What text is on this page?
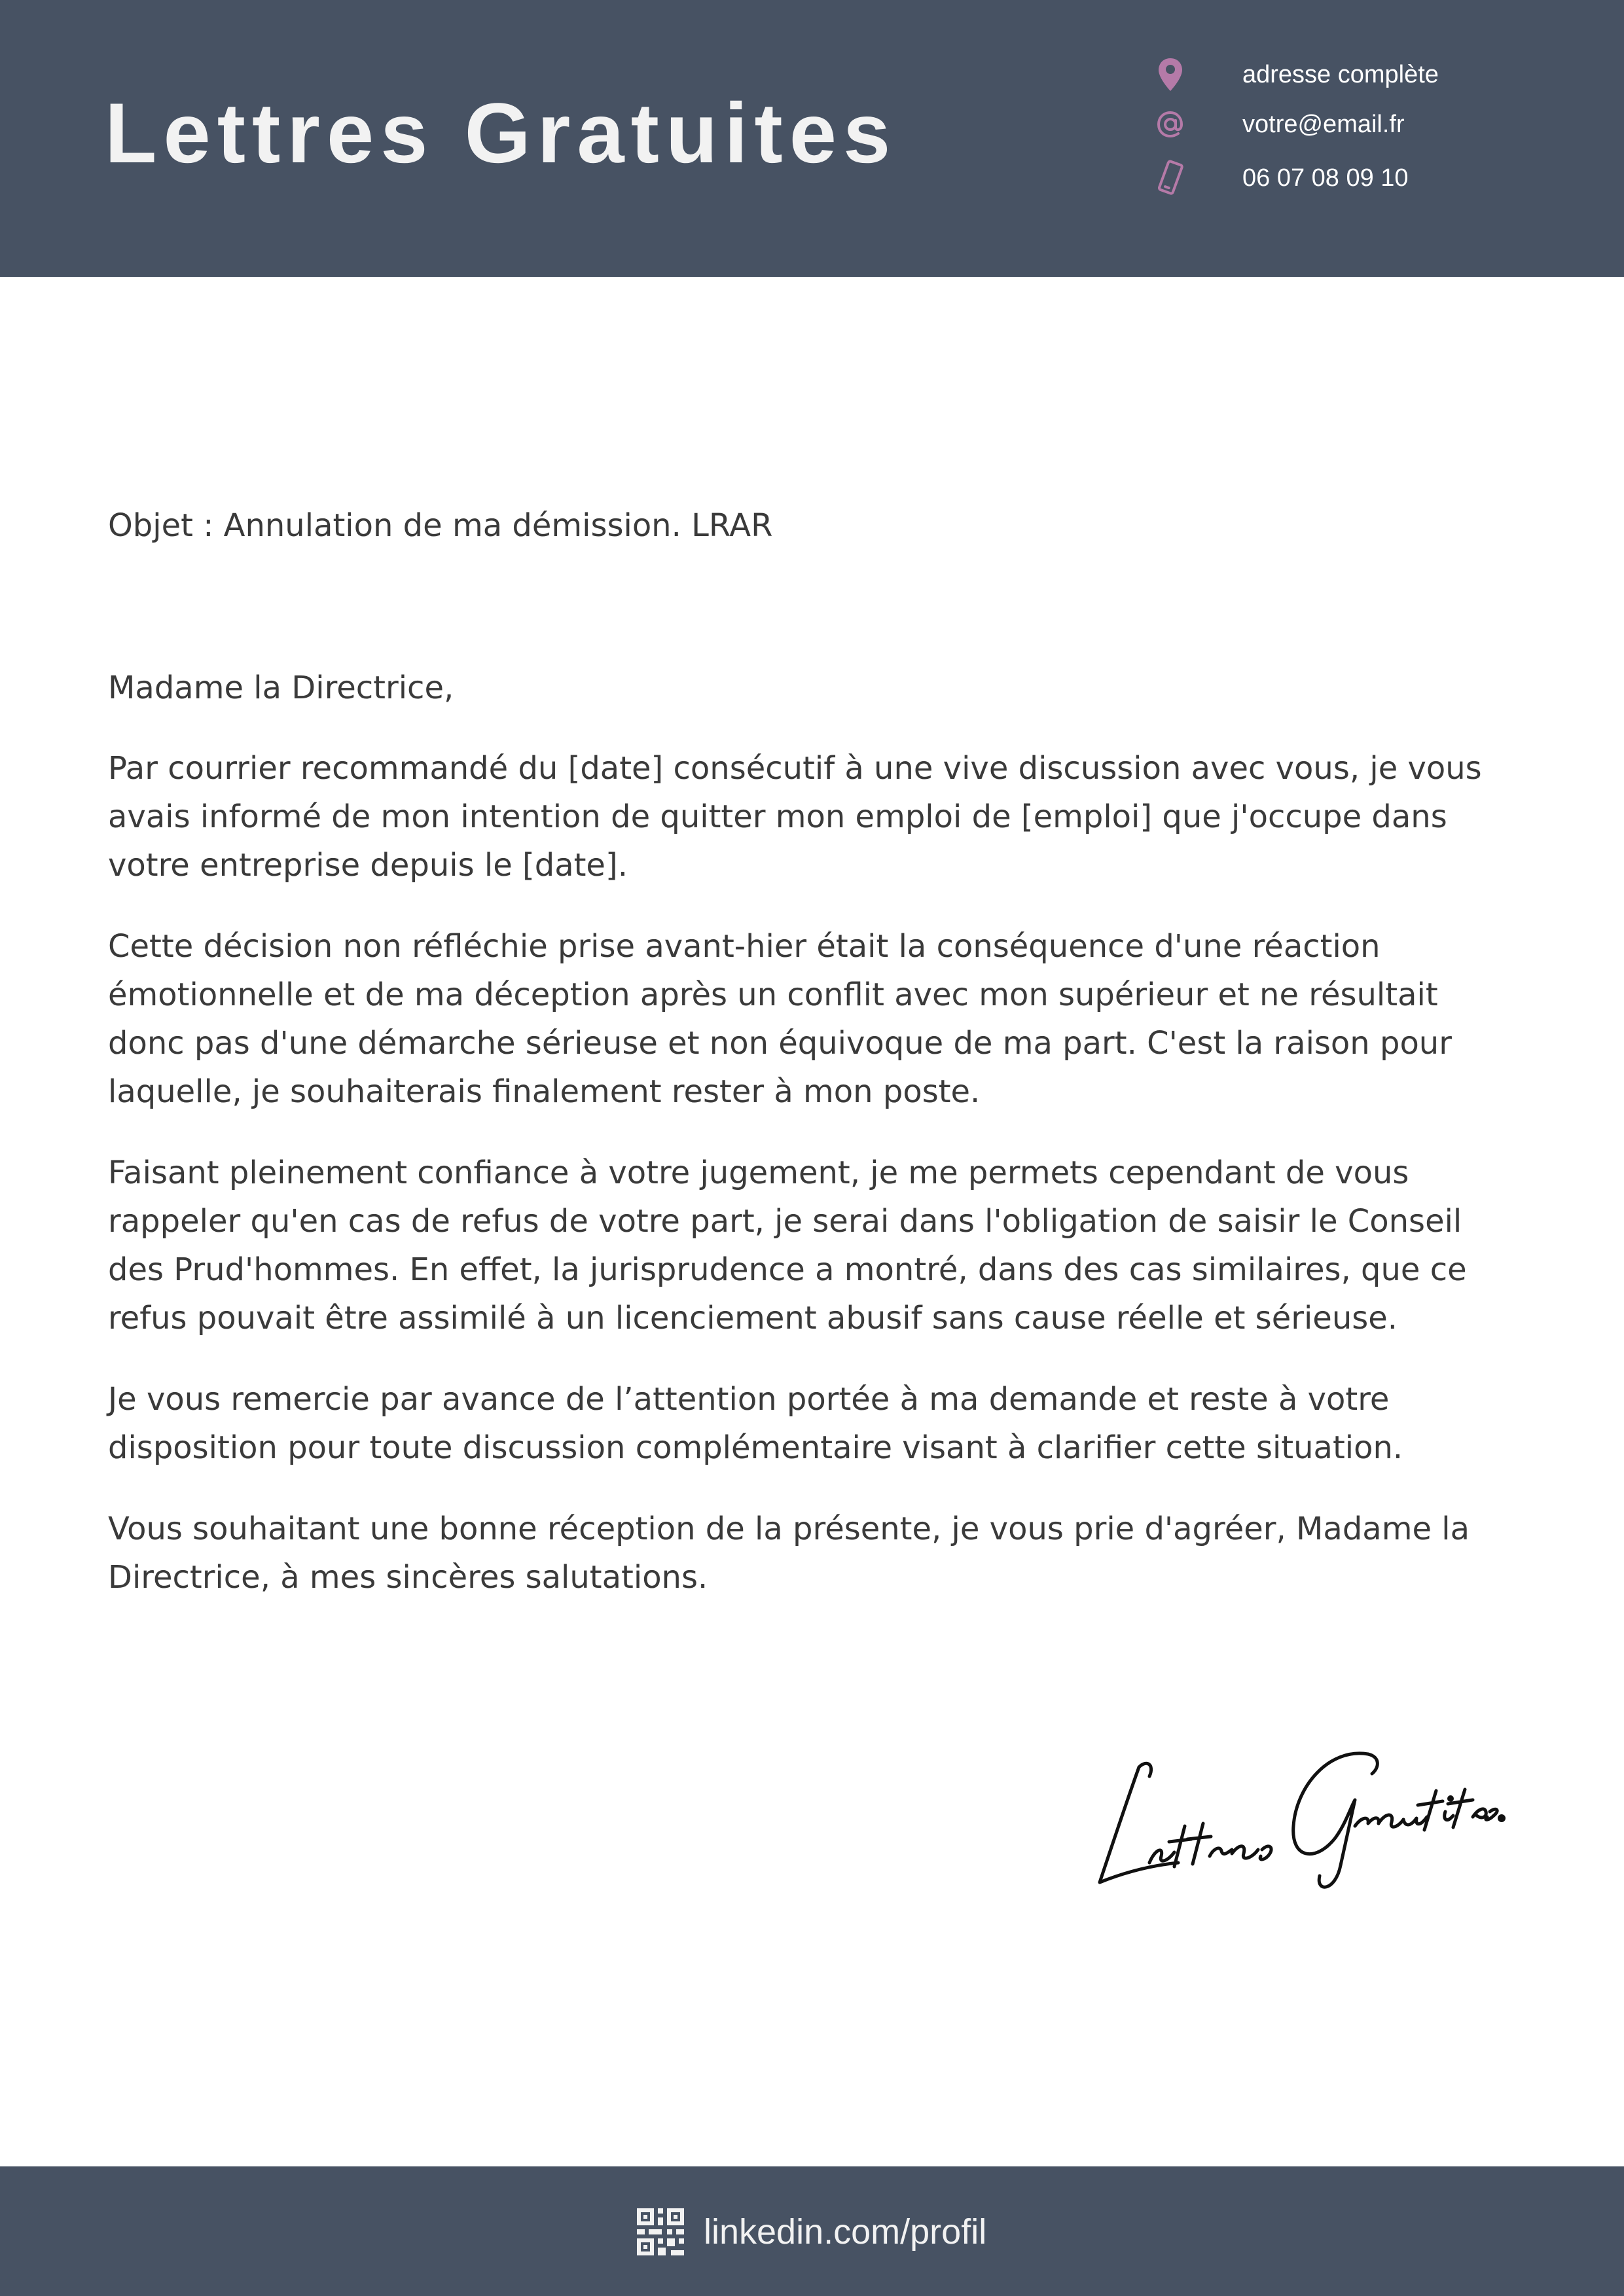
Lettres Gratuites
adresse complète
votre@email.fr
06 07 08 09 10
Objet : Annulation de ma démission. LRAR
Madame la Directrice,

Par courrier recommandé du [date] consécutif à une vive discussion avec vous, je vous avais informé de mon intention de quitter mon emploi de [emploi] que j'occupe dans votre entreprise depuis le [date].

Cette décision non réfléchie prise avant-hier était la conséquence d'une réaction émotionnelle et de ma déception après un conflit avec mon supérieur et ne résultait donc pas d'une démarche sérieuse et non équivoque de ma part. C'est la raison pour laquelle, je souhaiterais finalement rester à mon poste.

Faisant pleinement confiance à votre jugement, je me permets cependant de vous rappeler qu'en cas de refus de votre part, je serai dans l'obligation de saisir le Conseil des Prud'hommes. En effet, la jurisprudence a montré, dans des cas similaires, que ce refus pouvait être assimilé à un licenciement abusif sans cause réelle et sérieuse.

Je vous remercie par avance de l’attention portée à ma demande et reste à votre disposition pour toute discussion complémentaire visant à clarifier cette situation.

Vous souhaitant une bonne réception de la présente, je vous prie d'agréer, Madame la Directrice, à mes sincères salutations.

linkedin.com/profil
